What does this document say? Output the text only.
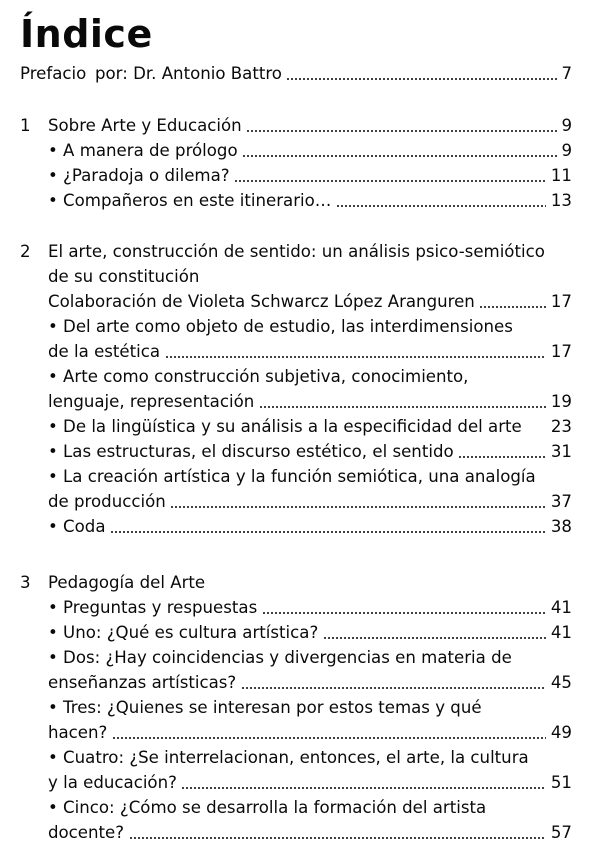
Índice
Prefacio por: Dr. Antonio Battro	7
1 Sobre Arte y Educación	9
• A manera de prólogo	9
• ¿Paradoja o dilema?	11
• Compañeros en este itinerario…	13
2 El arte, construcción de sentido: un análisis psico-semiótico
de su constitución
Colaboración de Violeta Schwarcz López Aranguren	17
• Del arte como objeto de estudio, las interdimensiones
de la estética	17
• Arte como construcción subjetiva, conocimiento,
lenguaje, representación	19
• De la lingüística y su análisis a la especificidad del arte 23
• Las estructuras, el discurso estético, el sentido	31
• La creación artística y la función semiótica, una analogía
de producción	37
• Coda	38
3 Pedagogía del Arte
• Preguntas y respuestas	41
• Uno: ¿Qué es cultura artística?	41
• Dos: ¿Hay coincidencias y divergencias en materia de
enseñanzas artísticas?	45
• Tres: ¿Quienes se interesan por estos temas y qué
hacen?	49
• Cuatro: ¿Se interrelacionan, entonces, el arte, la cultura
y la educación?	51
• Cinco: ¿Cómo se desarrolla la formación del artista
docente?	57
